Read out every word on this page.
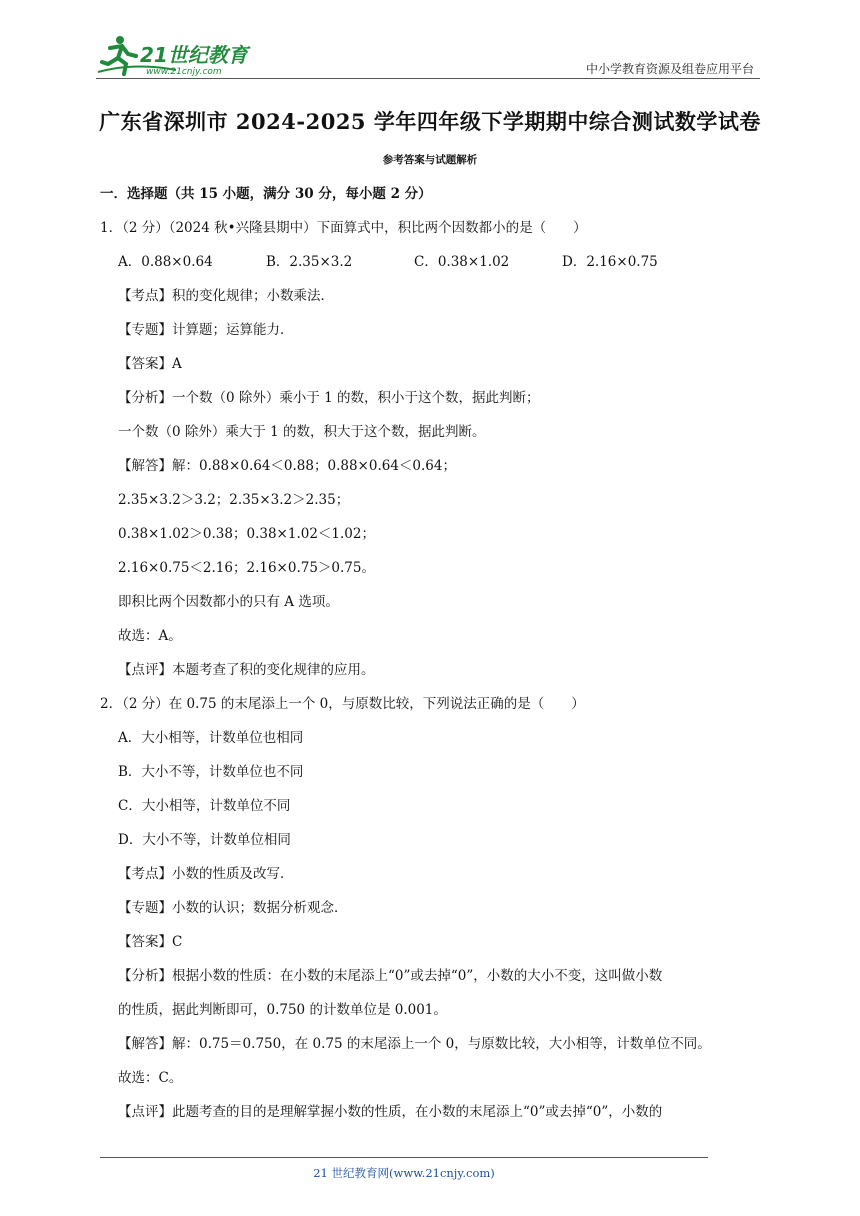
21世纪教育
www.21cnjy.com	中小学教育资源及组卷应用平台
广东省深圳市 2024-2025 学年四年级下学期期中综合测试数学试卷
参考答案与试题解析
一．选择题（共 15 小题，满分 30 分，每小题 2 分）
1．（2 分）（2024 秋•兴隆县期中）下面算式中，积比两个因数都小的是（　　）
A．0.88×0.64	B．2.35×3.2	C．0.38×1.02	D．2.16×0.75
【考点】积的变化规律；小数乘法．
【专题】计算题；运算能力．
【答案】A
【分析】一个数（0 除外）乘小于 1 的数，积小于这个数，据此判断；
一个数（0 除外）乘大于 1 的数，积大于这个数，据此判断。
【解答】解：0.88×0.64＜0.88；0.88×0.64＜0.64；
2.35×3.2＞3.2；2.35×3.2＞2.35；
0.38×1.02＞0.38；0.38×1.02＜1.02；
2.16×0.75＜2.16；2.16×0.75＞0.75。
即积比两个因数都小的只有 A 选项。
故选：A。
【点评】本题考查了积的变化规律的应用。
2．（2 分）在 0.75 的末尾添上一个 0，与原数比较，下列说法正确的是（　　）
A．大小相等，计数单位也相同
B．大小不等，计数单位也不同
C．大小相等，计数单位不同
D．大小不等，计数单位相同
【考点】小数的性质及改写．
【专题】小数的认识；数据分析观念．
【答案】C
【分析】根据小数的性质：在小数的末尾添上“0”或去掉“0”，小数的大小不变，这叫做小数
的性质，据此判断即可，0.750 的计数单位是 0.001。
【解答】解：0.75＝0.750，在 0.75 的末尾添上一个 0，与原数比较，大小相等，计数单位不同。
故选：C。
【点评】此题考查的目的是理解掌握小数的性质，在小数的末尾添上“0”或去掉“0”，小数的
21 世纪教育网(www.21cnjy.com)
